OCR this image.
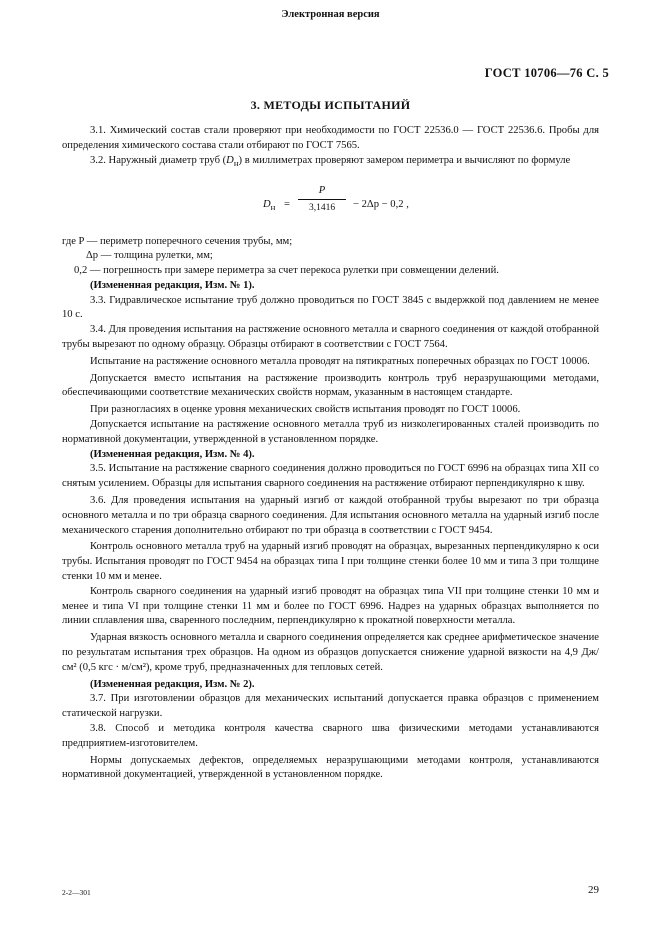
Электронная версия
ГОСТ 10706—76 С. 5
3. МЕТОДЫ ИСПЫТАНИЙ

3.1. Химический состав стали проверяют при необходимости по ГОСТ 22536.0 — ГОСТ 22536.6. Пробы для определения химического состава стали отбирают по ГОСТ 7565.

3.2. Наружный диаметр труб $(D_н)$ в миллиметрах проверяют замером периметра и вычисляют по формуле

$D_н$ =
P
3,1416	− 2Δp − 0,2 ,

где P — периметр поперечного сечения трубы, мм;

Δp — толщина рулетки, мм;

0,2 — погрешность при замере периметра за счет перекоса рулетки при совмещении делений.

(Измененная редакция, Изм. № 1).

3.3. Гидравлическое испытание труб должно проводиться по ГОСТ 3845 с выдержкой под давлением не менее 10 с.

3.4. Для проведения испытания на растяжение основного металла и сварного соединения от каждой отобранной трубы вырезают по одному образцу. Образцы отбирают в соответствии с ГОСТ 7564.

Испытание на растяжение основного металла проводят на пятикратных поперечных образцах по ГОСТ 10006.

Допускается вместо испытания на растяжение производить контроль труб неразрушающими методами, обеспечивающими соответствие механических свойств нормам, указанным в настоящем стандарте.

При разногласиях в оценке уровня механических свойств испытания проводят по ГОСТ 10006.

Допускается испытание на растяжение основного металла труб из низколегированных сталей производить по нормативной документации, утвержденной в установленном порядке.

(Измененная редакция, Изм. № 4).

3.5. Испытание на растяжение сварного соединения должно проводиться по ГОСТ 6996 на образцах типа XII со снятым усилением. Образцы для испытания сварного соединения на растяжение отбирают перпендикулярно к шву.

3.6. Для проведения испытания на ударный изгиб от каждой отобранной трубы вырезают по три образца основного металла и по три образца сварного соединения. Для испытания основного металла на ударный изгиб после механического старения дополнительно отбирают по три образца в соответствии с ГОСТ 9454.

Контроль основного металла труб на ударный изгиб проводят на образцах, вырезанных перпендикулярно к оси трубы. Испытания проводят по ГОСТ 9454 на образцах типа I при толщине стенки более 10 мм и типа 3 при толщине стенки 10 мм и менее.

Контроль сварного соединения на ударный изгиб проводят на образцах типа VII при толщине стенки 10 мм и менее и типа VI при толщине стенки 11 мм и более по ГОСТ 6996. Надрез на ударных образцах выполняется по линии сплавления шва, сваренного последним, перпендикулярно к прокатной поверхности металла.

Ударная вязкость основного металла и сварного соединения определяется как среднее арифметическое значение по результатам испытания трех образцов. На одном из образцов допускается снижение ударной вязкости на 4,9 Дж/см² (0,5 кгс · м/см²), кроме труб, предназначенных для тепловых сетей.

(Измененная редакция, Изм. № 2).

3.7. При изготовлении образцов для механических испытаний допускается правка образцов с применением статической нагрузки.

3.8. Способ и методика контроля качества сварного шва физическими методами устанавливаются предприятием-изготовителем.

Нормы допускаемых дефектов, определяемых неразрушающими методами контроля, устанавливаются нормативной документацией, утвержденной в установленном порядке.

2-2—301	29
